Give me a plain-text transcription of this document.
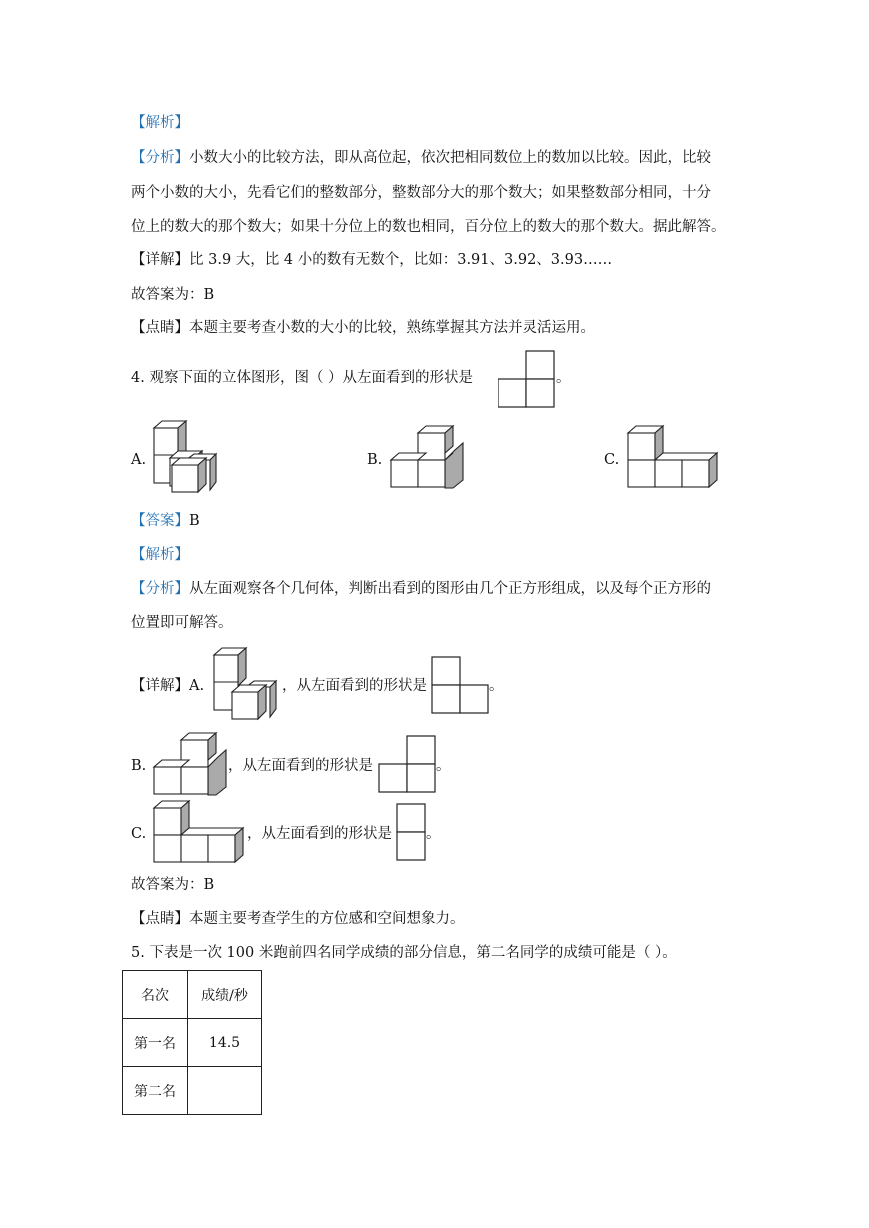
【解析】
【分析】小数大小的比较方法，即从高位起，依次把相同数位上的数加以比较。因此，比较
两个小数的大小，先看它们的整数部分，整数部分大的那个数大；如果整数部分相同，十分
位上的数大的那个数大；如果十分位上的数也相同，百分位上的数大的那个数大。据此解答。
【详解】比 3.9 大，比 4 小的数有无数个，比如：3.91、3.92、3.93……
故答案为：B
【点睛】本题主要考查小数的大小的比较，熟练掌握其方法并灵活运用。
4. 观察下面的立体图形，图（ ）从左面看到的形状是	。
A.	B.	C.
【答案】B
【解析】
【分析】从左面观察各个几何体，判断出看到的图形由几个正方形组成，以及每个正方形的
位置即可解答。
【详解】A.	，从左面看到的形状是	。
B.	，从左面看到的形状是	。
C.	，从左面看到的形状是 。
故答案为：B
【点睛】本题主要考查学生的方位感和空间想象力。
5. 下表是一次 100 米跑前四名同学成绩的部分信息，第二名同学的成绩可能是（ ）。
名次	成绩/秒
第一名	14.5
第二名	
